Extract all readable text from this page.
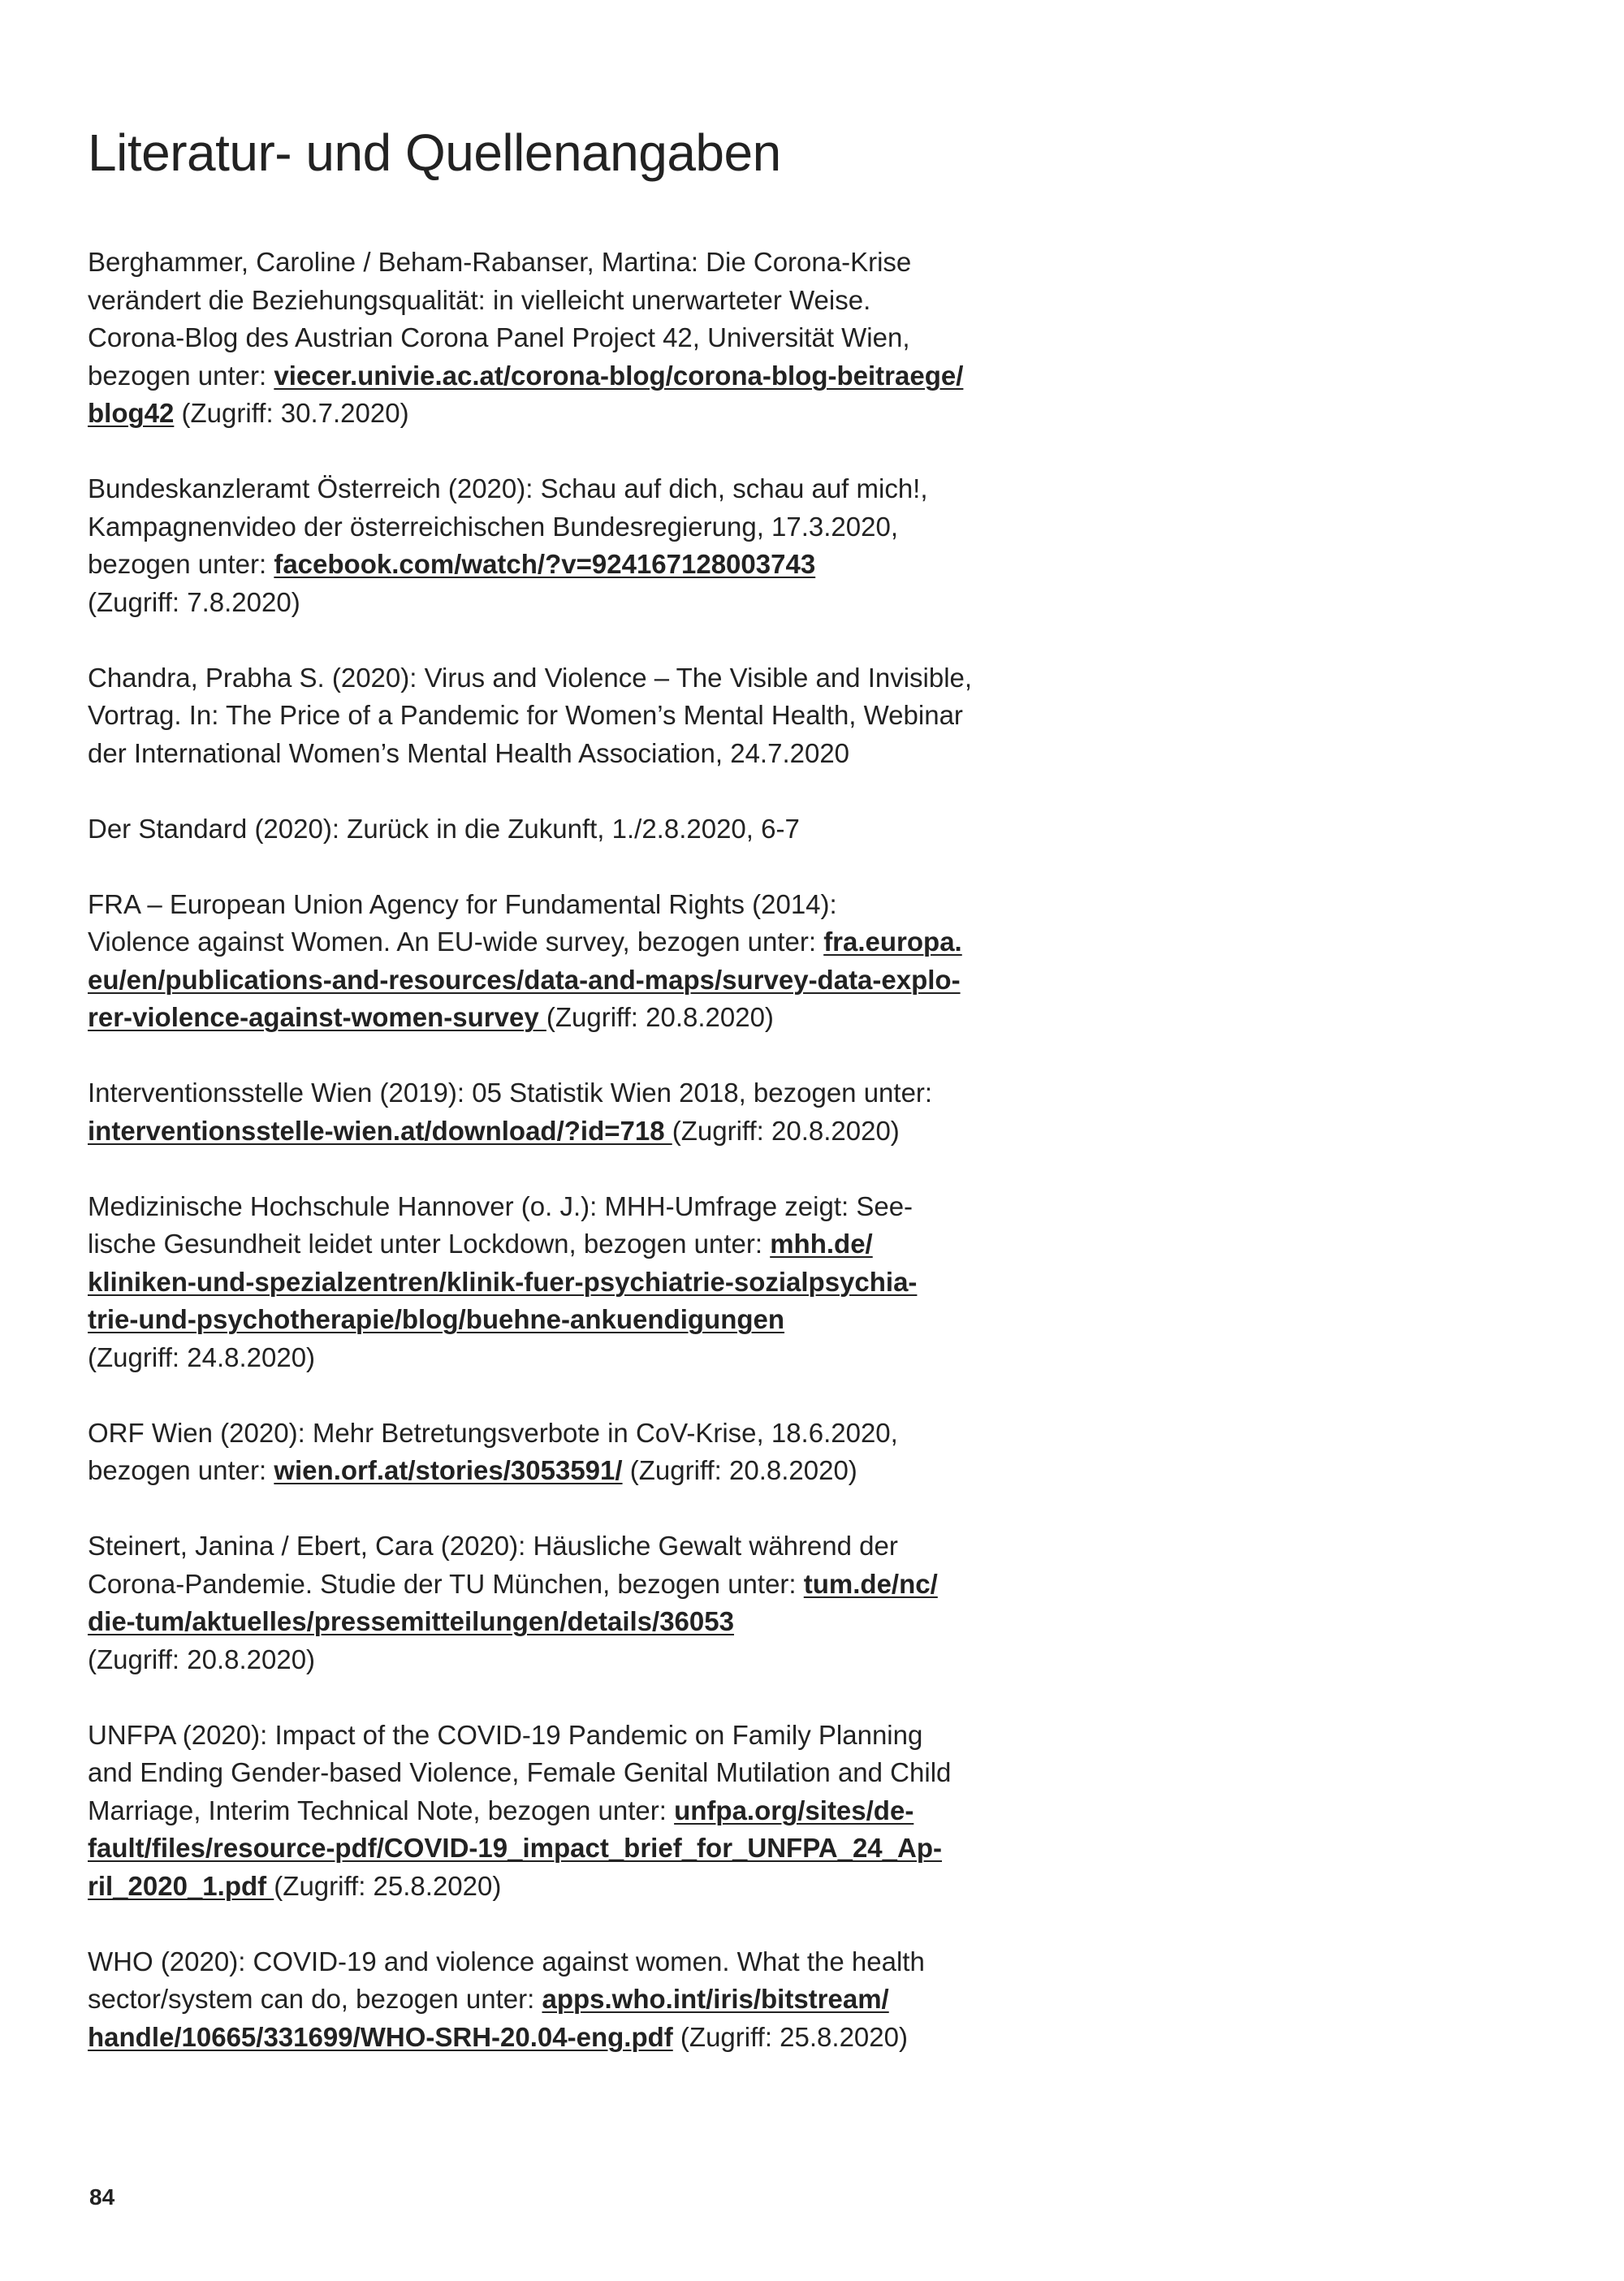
Literatur- und Quellenangaben

Berghammer, Caroline / Beham-Rabanser, Martina: Die Corona-Krise
verändert die Beziehungsqualität: in vielleicht unerwarteter Weise.
Corona-Blog des Austrian Corona Panel Project 42, Universität Wien,
bezogen unter: viecer.univie.ac.at/corona-blog/corona-blog-beitraege/
blog42 (Zugriff: 30.7.2020)

Bundeskanzleramt Österreich (2020): Schau auf dich, schau auf mich!,
Kampagnenvideo der österreichischen Bundesregierung, 17.3.2020,
bezogen unter: facebook.com/watch/?v=924167128003743
(Zugriff: 7.8.2020)

Chandra, Prabha S. (2020): Virus and Violence – The Visible and Invisible,
Vortrag. In: The Price of a Pandemic for Women’s Mental Health, Webinar
der International Women’s Mental Health Association, 24.7.2020

Der Standard (2020): Zurück in die Zukunft, 1./2.8.2020, 6-7

FRA – European Union Agency for Fundamental Rights (2014):
Violence against Women. An EU-wide survey, bezogen unter: fra.europa.
eu/en/publications-and-resources/data-and-maps/survey-data-explo-
rer-violence-against-women-survey (Zugriff: 20.8.2020)

Interventionsstelle Wien (2019): 05 Statistik Wien 2018, bezogen unter:
interventionsstelle-wien.at/download/?id=718 (Zugriff: 20.8.2020)

Medizinische Hochschule Hannover (o. J.): MHH-Umfrage zeigt: See-
lische Gesundheit leidet unter Lockdown, bezogen unter: mhh.de/
kliniken-und-spezialzentren/klinik-fuer-psychiatrie-sozialpsychia-
trie-und-psychotherapie/blog/buehne-ankuendigungen
(Zugriff: 24.8.2020)

ORF Wien (2020): Mehr Betretungsverbote in CoV-Krise, 18.6.2020,
bezogen unter: wien.orf.at/stories/3053591/ (Zugriff: 20.8.2020)

Steinert, Janina / Ebert, Cara (2020): Häusliche Gewalt während der
Corona-Pandemie. Studie der TU München, bezogen unter: tum.de/nc/
die-tum/aktuelles/pressemitteilungen/details/36053
(Zugriff: 20.8.2020)

UNFPA (2020): Impact of the COVID-19 Pandemic on Family Planning
and Ending Gender-based Violence, Female Genital Mutilation and Child
Marriage, Interim Technical Note, bezogen unter: unfpa.org/sites/de-
fault/files/resource-pdf/COVID-19_impact_brief_for_UNFPA_24_Ap-
ril_2020_1.pdf (Zugriff: 25.8.2020)

WHO (2020): COVID-19 and violence against women. What the health
sector/system can do, bezogen unter: apps.who.int/iris/bitstream/
handle/10665/331699/WHO-SRH-20.04-eng.pdf (Zugriff: 25.8.2020)

84
